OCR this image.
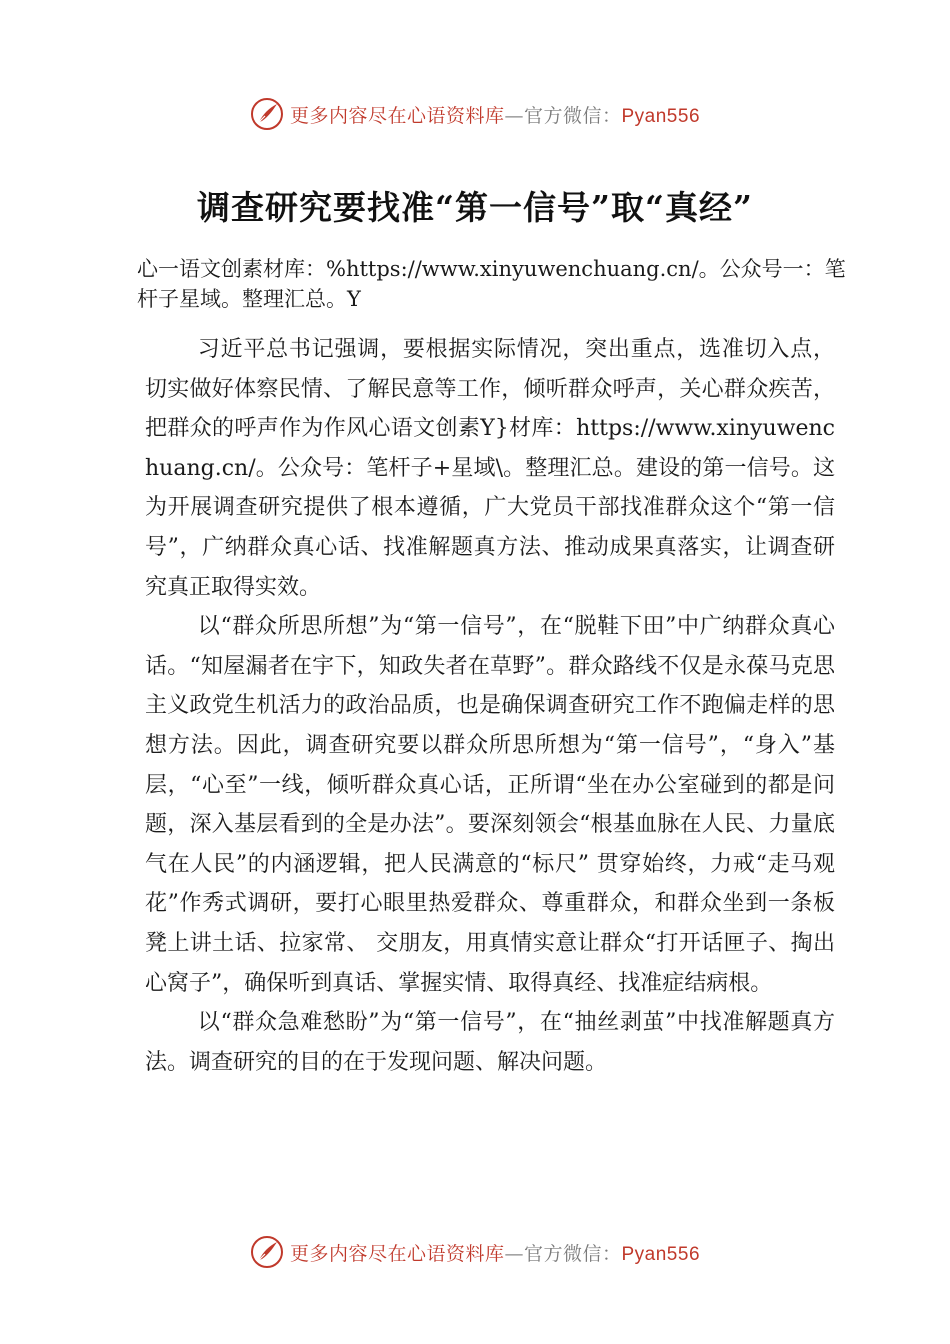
更多内容尽在心语资料库—官方微信：Pyan556
调查研究要找准“第一信号”取“真经”

心一语文创素材库：%https://www.xinyuwenchuang.cn/。公众号一：笔杆子星域。整理汇总。Y

习近平总书记强调，要根据实际情况，突出重点，选准切入点，切实做好体察民情、了解民意等工作，倾听群众呼声，关心群众疾苦，把群众的呼声作为作风心语文创素Y}材库：https://www.xinyuwenchuang.cn/。公众号：笔杆子+星域\。整理汇总。建设的第一信号。这为开展调查研究提供了根本遵循，广大党员干部找准群众这个“第一信号”，广纳群众真心话、找准解题真方法、推动成果真落实，让调查研究真正取得实效。

以“群众所思所想”为“第一信号”，在“脱鞋下田”中广纳群众真心话。“知屋漏者在宇下，知政失者在草野”。群众路线不仅是永葆马克思主义政党生机活力的政治品质，也是确保调查研究工作不跑偏走样的思想方法。因此，调查研究要以群众所思所想为“第一信号”，“身入”基层，“心至”一线，倾听群众真心话，正所谓“坐在办公室碰到的都是问题，深入基层看到的全是办法”。要深刻领会“根基血脉在人民、力量底气在人民”的内涵逻辑，把人民满意的“标尺” 贯穿始终，力戒“走马观花”作秀式调研，要打心眼里热爱群众、尊重群众，和群众坐到一条板凳上讲土话、拉家常、 交朋友，用真情实意让群众“打开话匣子、掏出心窝子”，确保听到真话、掌握实情、取得真经、找准症结病根。

以“群众急难愁盼”为“第一信号”，在“抽丝剥茧”中找准解题真方法。调查研究的目的在于发现问题、解决问题。

更多内容尽在心语资料库—官方微信：Pyan556
